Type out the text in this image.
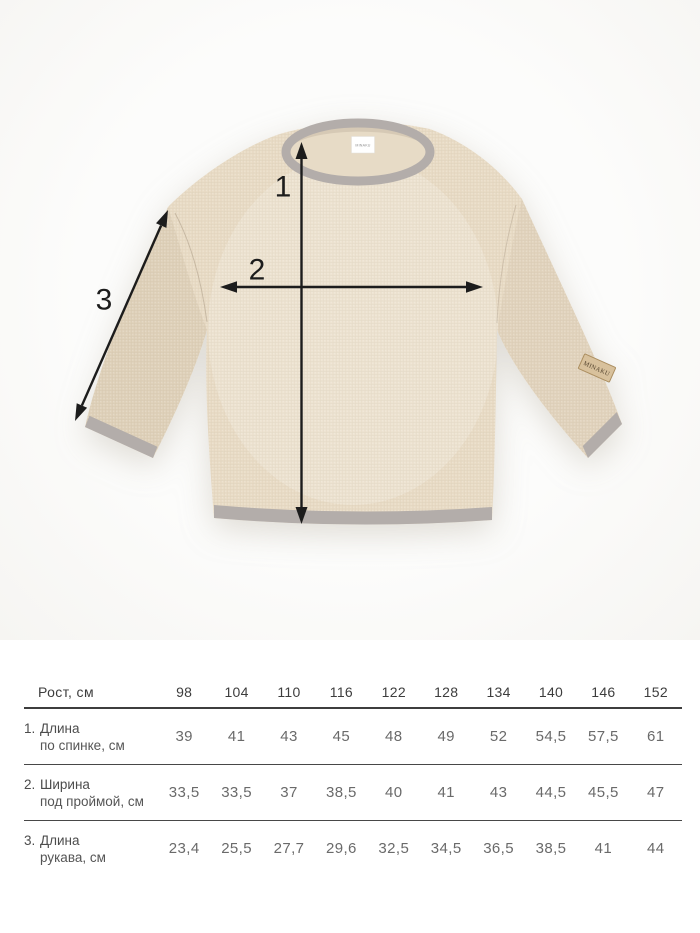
MINAKU
MINAKU
1
2
3
Рост, см	98	104	110	116	122	128	134	140	146	152
1. Длина
по спинке, см	39	41	43	45	48	49	52	54,5	57,5	61
2. Ширина
под проймой, см	33,5	33,5	37	38,5	40	41	43	44,5	45,5	47
3. Длина
рукава, см	23,4	25,5	27,7	29,6	32,5	34,5	36,5	38,5	41	44
